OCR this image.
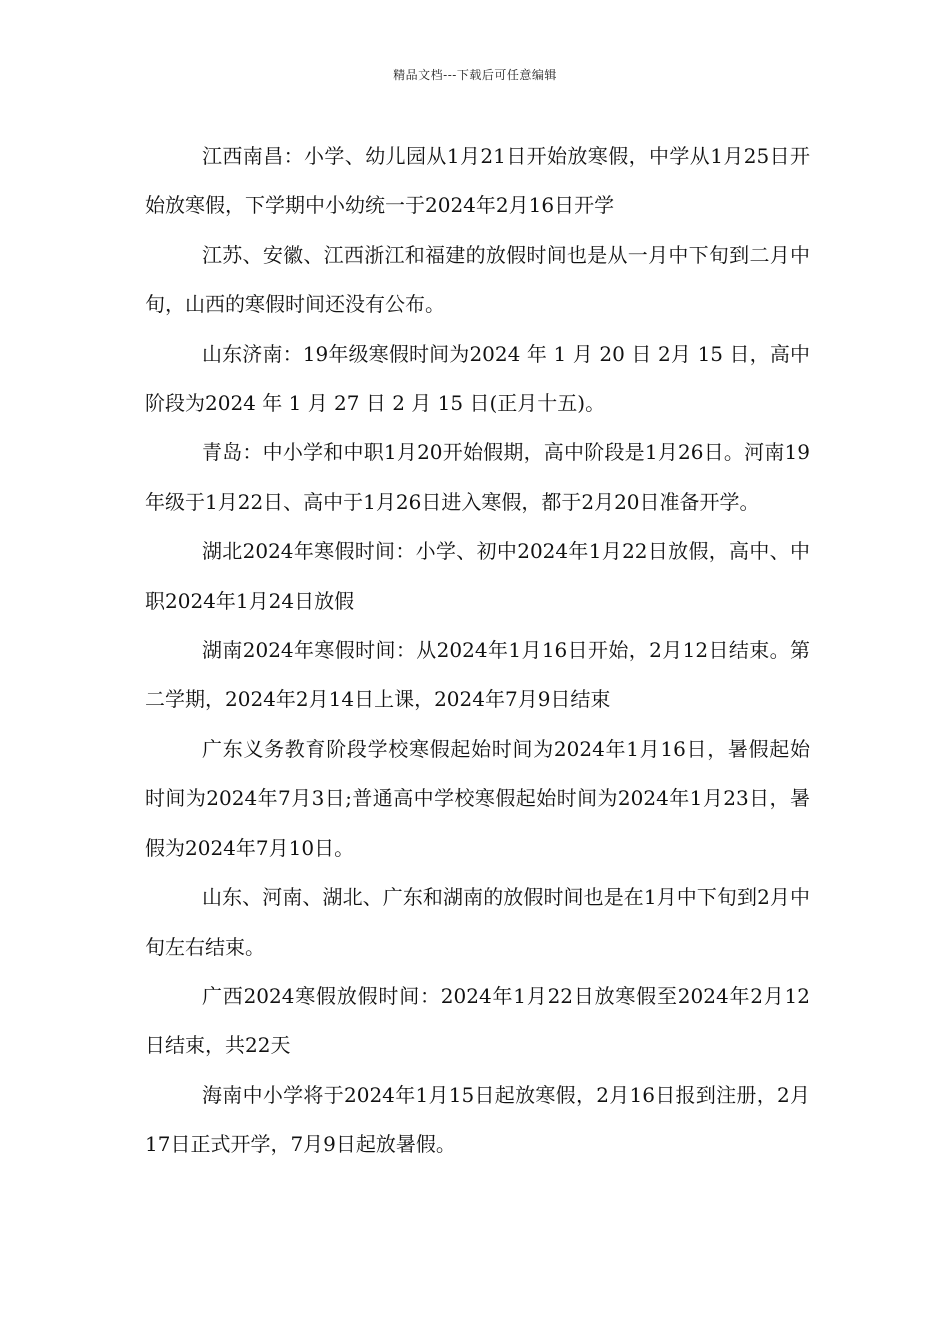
精品文档---下载后可任意编辑

江西南昌：小学、幼儿园从1月21日开始放寒假，中学从1月25日开始放寒假，下学期中小幼统一于2024年2月16日开学

江苏、安徽、江西浙江和福建的放假时间也是从一月中下旬到二月中旬，山西的寒假时间还没有公布。

山东济南：19年级寒假时间为2024 年 1 月 20 日 2月 15 日，高中阶段为2024 年 1 月 27 日 2 月 15 日(正月十五)。

青岛：中小学和中职1月20开始假期，高中阶段是1月26日。河南19年级于1月22日、高中于1月26日进入寒假，都于2月20日准备开学。

湖北2024年寒假时间：小学、初中2024年1月22日放假，高中、中职2024年1月24日放假

湖南2024年寒假时间：从2024年1月16日开始，2月12日结束。第二学期，2024年2月14日上课，2024年7月9日结束

广东义务教育阶段学校寒假起始时间为2024年1月16日，暑假起始时间为2024年7月3日;普通高中学校寒假起始时间为2024年1月23日，暑假为2024年7月10日。

山东、河南、湖北、广东和湖南的放假时间也是在1月中下旬到2月中旬左右结束。

广西2024寒假放假时间：2024年1月22日放寒假至2024年2月12日结束，共22天

海南中小学将于2024年1月15日起放寒假，2月16日报到注册，2月17日正式开学，7月9日起放暑假。
